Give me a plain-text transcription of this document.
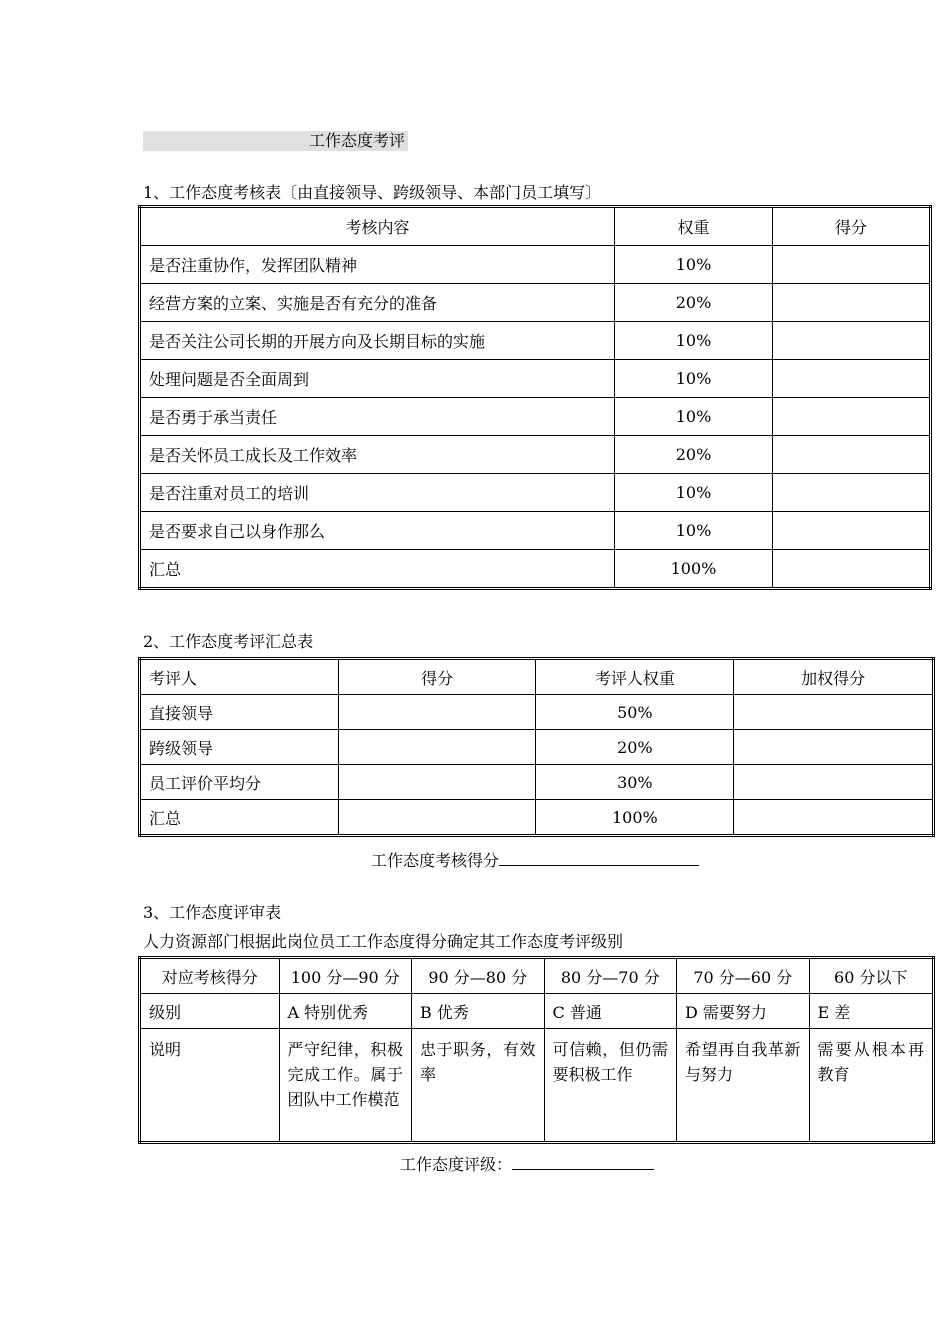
工作态度考评
1、工作态度考核表〔由直接领导、跨级领导、本部门员工填写〕
考核内容	权重	得分
是否注重协作，发挥团队精神	10%	
经营方案的立案、实施是否有充分的准备	20%	
是否关注公司长期的开展方向及长期目标的实施	10%	
处理问题是否全面周到	10%	
是否勇于承当责任	10%	
是否关怀员工成长及工作效率	20%	
是否注重对员工的培训	10%	
是否要求自己以身作那么	10%	
汇总	100%	
2、工作态度考评汇总表
考评人	得分	考评人权重	加权得分
直接领导		50%	
跨级领导		20%	
员工评价平均分		30%	
汇总		100%	
工作态度考核得分
3、工作态度评审表
人力资源部门根据此岗位员工工作态度得分确定其工作态度考评级别
对应考核得分	100 分—90 分	90 分—80 分	80 分—70 分	70 分—60 分	60 分以下
级别	A 特别优秀	B 优秀	C 普通	D 需要努力	E 差
说明	严守纪律，积极完成工作。属于团队中工作模范	忠于职务，有效率	可信赖，但仍需要积极工作	希望再自我革新与努力	需要从根本再教育
工作态度评级：
